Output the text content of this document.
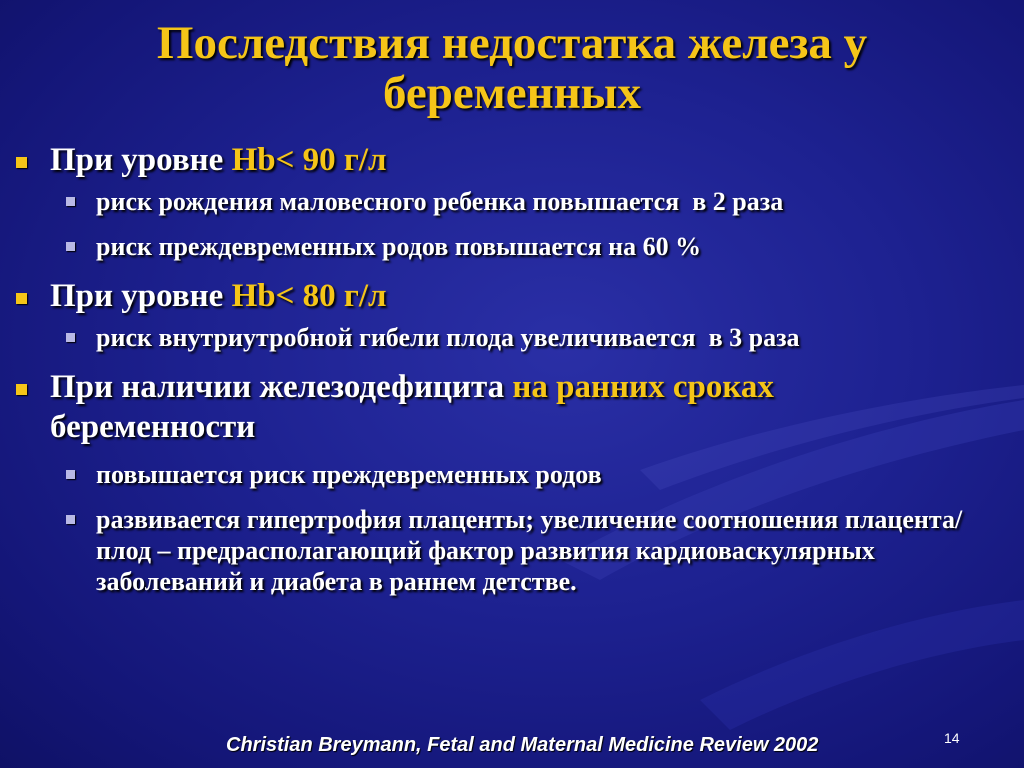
Последствия недостатка железа у беременных
При уровне Hb< 90 г/л
риск рождения маловесного ребенка повышается  в 2 раза
риск преждевременных родов повышается на 60 %
При уровне Hb< 80 г/л
риск внутриутробной гибели плода увеличивается  в 3 раза
При наличии железодефицита на ранних сроках
беременности
повышается риск преждевременных родов
развивается гипертрофия плаценты; увеличение соотношения плацента/плод – предрасполагающий фактор развития кардиоваскулярных заболеваний и диабета в раннем детстве.
Christian Breymann, Fetal and Maternal Medicine Review 2002	14
